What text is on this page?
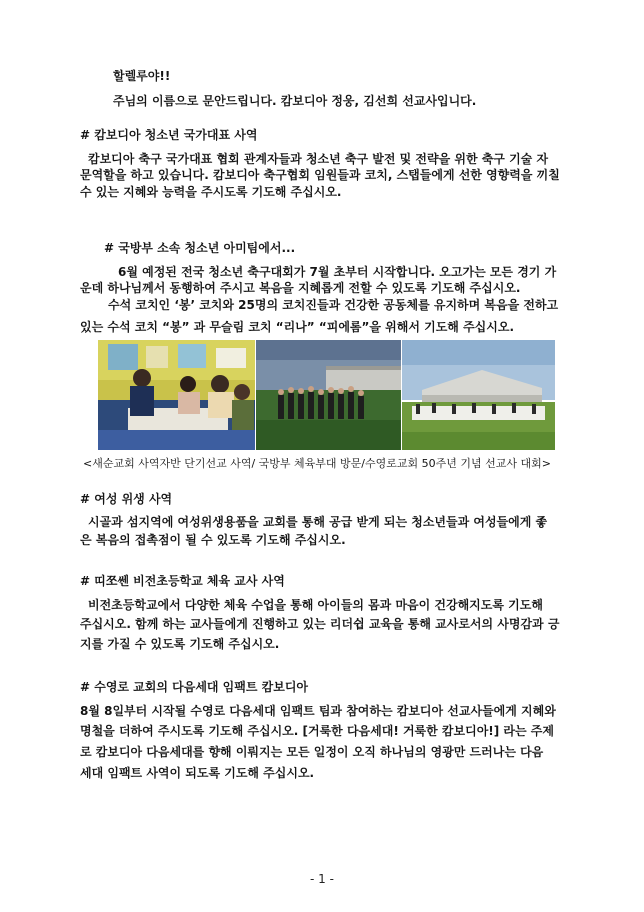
할렐루야!!
주님의 이름으로 문안드립니다. 캄보디아 정웅, 김선희 선교사입니다.
# 캄보디아 청소년 국가대표 사역
캄보디아 축구 국가대표 협회 관계자들과 청소년 축구 발전 및 전략을 위한 축구 기술 자
문역할을 하고 있습니다. 캄보디아 축구협회 임원들과 코치, 스탭들에게 선한 영향력을 끼칠
수 있는 지혜와 능력을 주시도록 기도해 주십시오.
# 국방부 소속 청소년 아미팀에서...
6월 예정된 전국 청소년 축구대회가 7월 초부터 시작합니다. 오고가는 모든 경기 가
운데 하나님께서 동행하여 주시고 복음을 지혜롭게 전할 수 있도록 기도해 주십시오.
수석 코치인 ‘봉’ 코치와 25명의 코치진들과 건강한 공동체를 유지하며 복음을 전하고
있는 수석 코치 “봉” 과 무슬림 코치 “리나” “피에롬”을 위해서 기도해 주십시오.
<새순교회 사역자반 단기선교 사역/ 국방부 체육부대 방문/수영로교회 50주년 기념 선교사 대회>
# 여성 위생 사역
시골과 섬지역에 여성위생용품을 교회를 통해 공급 받게 되는 청소년들과 여성들에게 좋
은 복음의 접촉점이 될 수 있도록 기도해 주십시오.
# 띠쪼쎈 비전초등학교 체육 교사 사역
비전초등학교에서 다양한 체육 수업을 통해 아이들의 몸과 마음이 건강해지도록 기도해
주십시오. 함께 하는 교사들에게 진행하고 있는 리더쉽 교육을 통해 교사로서의 사명감과 긍
지를 가질 수 있도록 기도해 주십시오.
# 수영로 교회의 다음세대 임팩트 캄보디아
8월 8일부터 시작될 수영로 다음세대 임팩트 팀과 참여하는 캄보디아 선교사들에게 지혜와
명철을 더하여 주시도록 기도해 주십시오. [거룩한 다음세대! 거룩한 캄보디아!] 라는 주제
로 캄보디아 다음세대를 향해 이뤄지는 모든 일정이 오직 하나님의 영광만 드러나는 다음
세대 임팩트 사역이 되도록 기도해 주십시오.
- 1 -
